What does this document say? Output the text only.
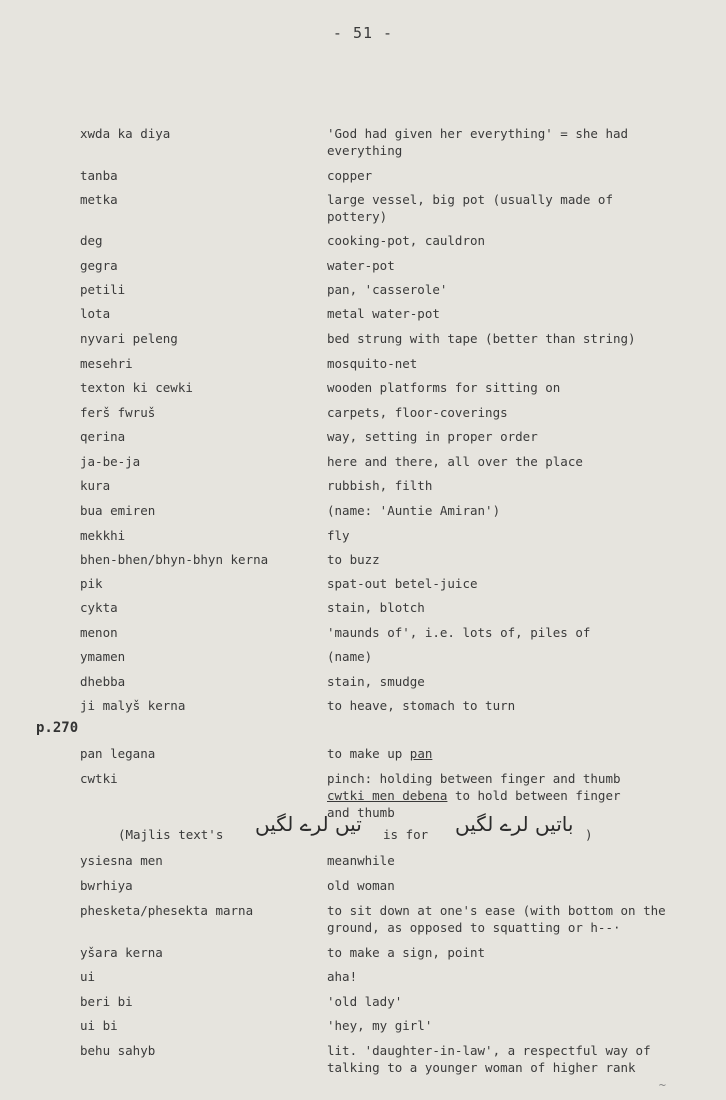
- 51 -
xwda ka diya	'God had given her everything' = she had everything
tanba	copper
metka	large vessel, big pot (usually made of pottery)
deg	cooking-pot, cauldron
gegra	water-pot
petili	pan, 'casserole'
lota	metal water-pot
nyvari peleng	bed strung with tape (better than string)
mesehri	mosquito-net
texton ki cewki	wooden platforms for sitting on
ferš fwruš	carpets, floor-coverings
qerina	way, setting in proper order
ja-be-ja	here and there, all over the place
kura	rubbish, filth
bua emiren	(name: 'Auntie Amiran')
mekkhi	fly
bhen-bhen/bhyn-bhyn kerna	to buzz
pik	spat-out betel-juice
cykta	stain, blotch
menon	'maunds of', i.e. lots of, piles of
ymamen	(name)
dhebba	stain, smudge
ji malyš kerna	to heave, stomach to turn
p.270
pan legana	to make up pan
cwtki	pinch: holding between finger and thumb
cwtki men debena to hold between finger
and thumb
(Majlis text's تیں لرے لگیں is for باتیں لرے لگیں )
ysiesna men	meanwhile
bwrhiya	old woman
phesketa/phesekta marna	to sit down at one's ease (with bottom on the ground, as opposed to squatting or h--·
yšara kerna	to make a sign, point
ui	aha!
beri bi	'old lady'
ui bi	'hey, my girl'
behu sahyb	lit. 'daughter-in-law', a respectful way of talking to a younger woman of higher rank
~
